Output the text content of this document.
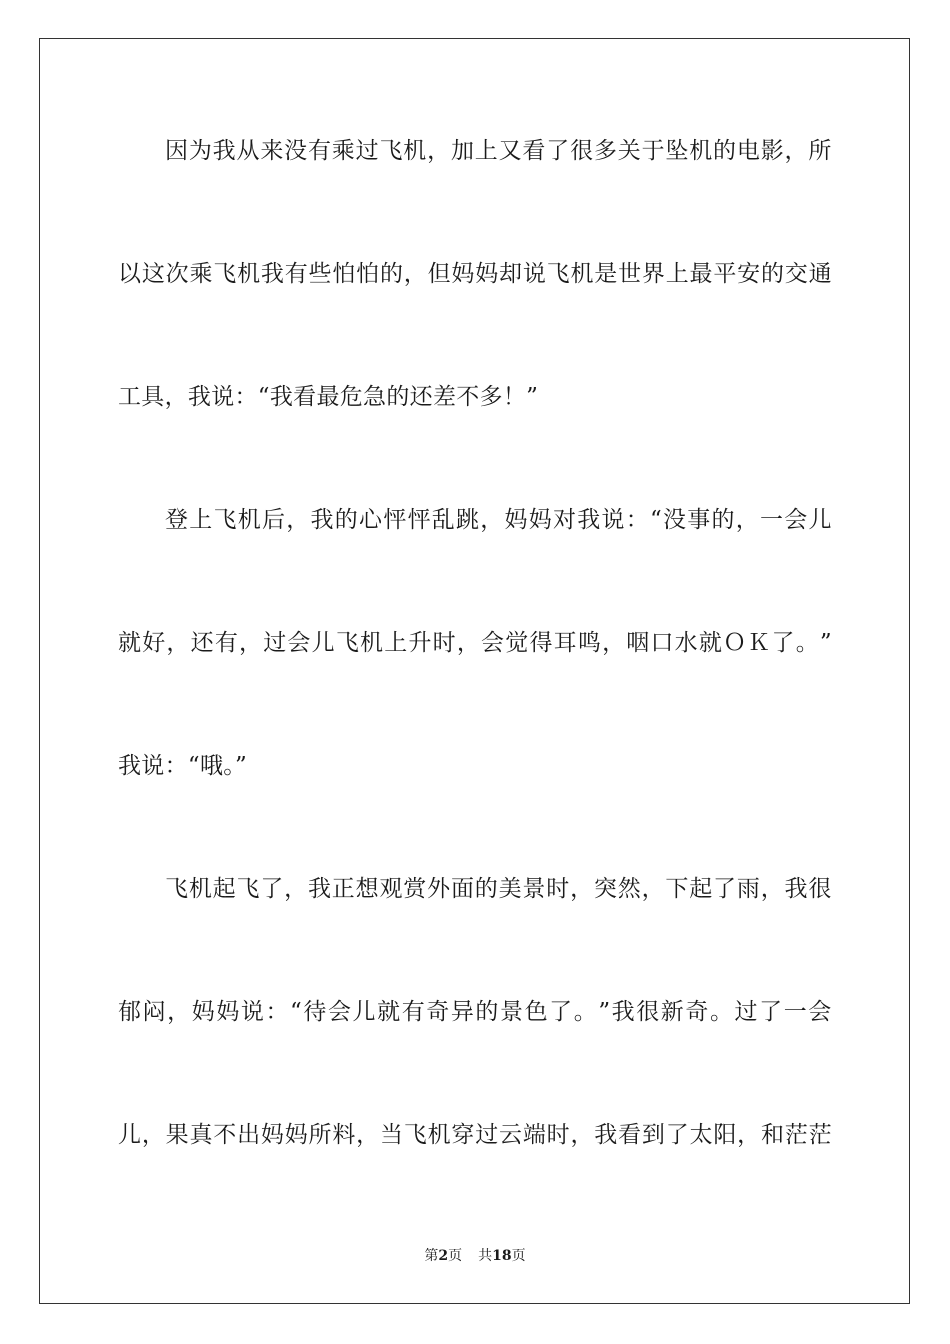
因 为 我 从 来 没 有 乘 过 飞 机 ， 加 上 又 看 了 很 多 关 于 坠 机 的 电 影 ， 所
以 这 次 乘 飞 机 我 有 些 怕 怕 的 ， 但 妈 妈 却 说 飞 机 是 世 界 上 最 平 安 的 交 通
工具，我说：“我看最危急的还差不多！”
登 上 飞 机 后 ， 我 的 心 怦 怦 乱 跳 ， 妈 妈 对 我 说 ： “ 没 事 的 ， 一 会 儿
就 好 ， 还 有 ， 过 会 儿 飞 机 上 升 时 ， 会 觉 得 耳 鸣 ， 咽 口 水 就 Ｏ Ｋ 了 。 ”
我说：“哦。”
飞 机 起 飞 了 ， 我 正 想 观 赏 外 面 的 美 景 时 ， 突 然 ， 下 起 了 雨 ， 我 很
郁 闷 ， 妈 妈 说 ： “ 待 会 儿 就 有 奇 异 的 景 色 了 。 ” 我 很 新 奇 。 过 了 一 会
儿 ， 果 真 不 出 妈 妈 所 料 ， 当 飞 机 穿 过 云 端 时 ， 我 看 到 了 太 阳 ， 和 茫 茫
第2页 共18页
